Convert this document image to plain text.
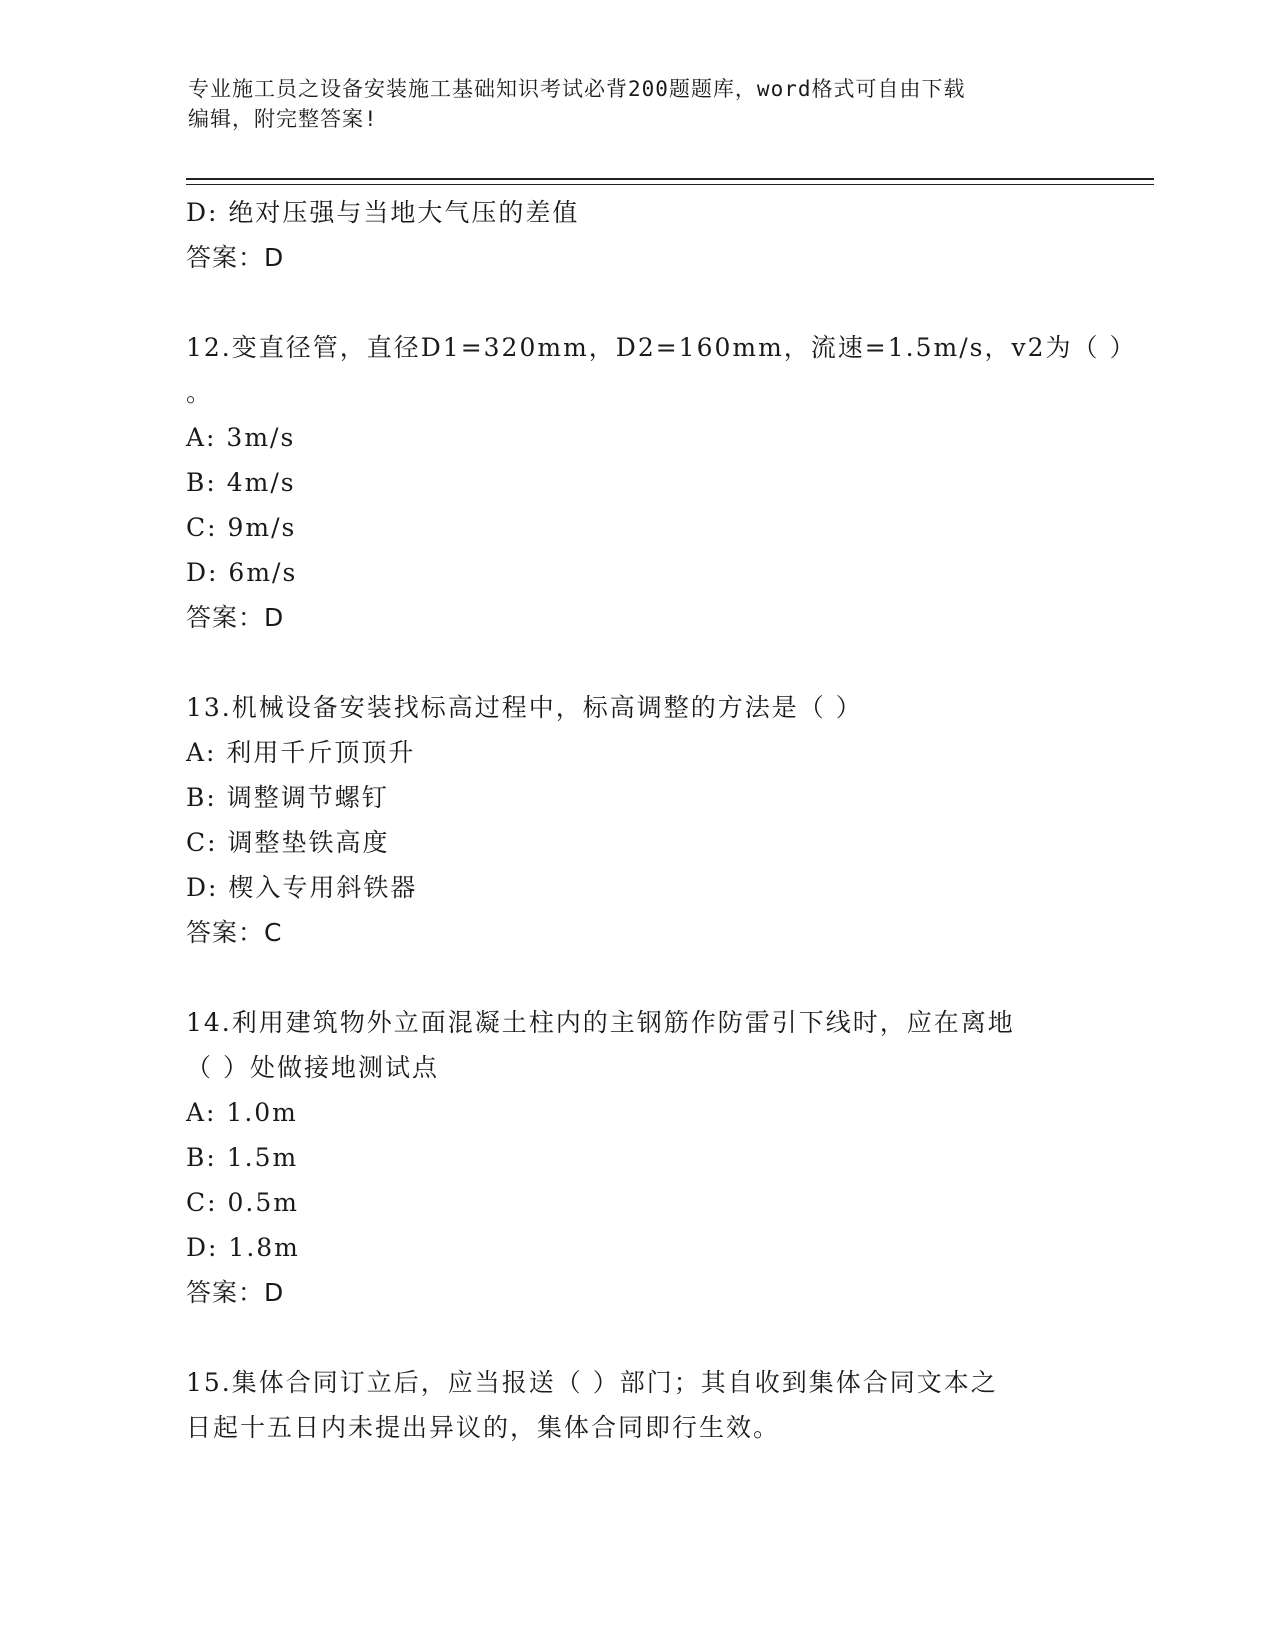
专业施工员之设备安装施工基础知识考试必背200题题库，word格式可自由下载
编辑，附完整答案!
D: 绝对压强与当地大气压的差值
答案：D
12.变直径管，直径D1=320mm，D2=160mm，流速=1.5m/s，v2为（ ）
。
A: 3m/s
B: 4m/s
C: 9m/s
D: 6m/s
答案：D
13.机械设备安装找标高过程中，标高调整的方法是（ ）
A: 利用千斤顶顶升
B: 调整调节螺钉
C: 调整垫铁高度
D: 楔入专用斜铁器
答案：C
14.利用建筑物外立面混凝土柱内的主钢筋作防雷引下线时，应在离地
（ ）处做接地测试点
A: 1.0m
B: 1.5m
C: 0.5m
D: 1.8m
答案：D
15.集体合同订立后，应当报送（ ）部门；其自收到集体合同文本之
日起十五日内未提出异议的，集体合同即行生效。
